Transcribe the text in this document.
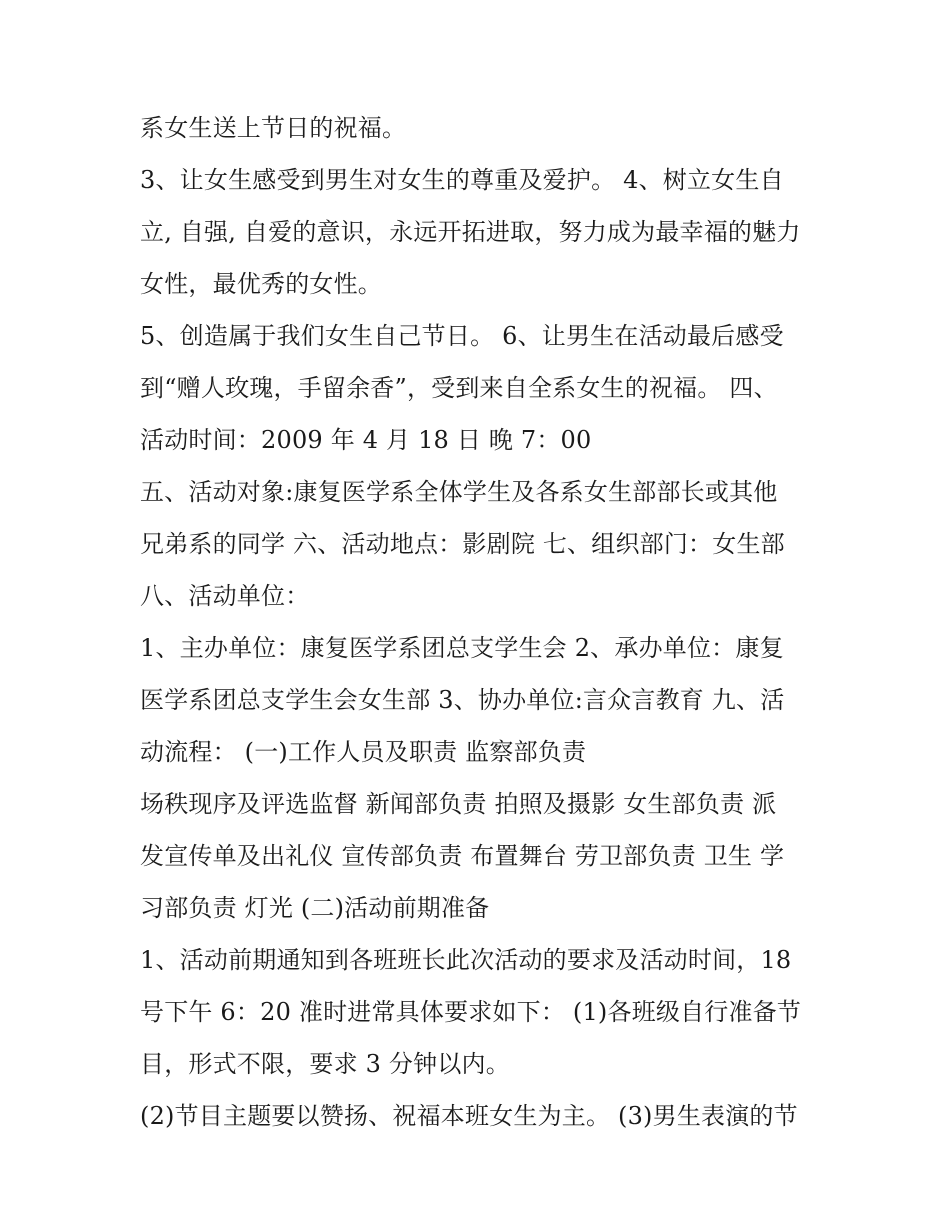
系女生送上节日的祝福。
3、让女生感受到男生对女生的尊重及爱护。 4、树立女生自
立, 自强, 自爱的意识，永远开拓进取，努力成为最幸福的魅力
女性，最优秀的女性。
5、创造属于我们女生自己节日。 6、让男生在活动最后感受
到“赠人玫瑰，手留余香”，受到来自全系女生的祝福。 四、
活动时间：2009 年 4 月 18 日 晚 7：00
五、活动对象:康复医学系全体学生及各系女生部部长或其他
兄弟系的同学 六、活动地点：影剧院 七、组织部门：女生部
八、活动单位：
1、主办单位：康复医学系团总支学生会 2、承办单位：康复
医学系团总支学生会女生部 3、协办单位:言众言教育 九、活
动流程： (一)工作人员及职责 监察部负责
场秩现序及评选监督 新闻部负责 拍照及摄影 女生部负责 派
发宣传单及出礼仪 宣传部负责 布置舞台 劳卫部负责 卫生 学
习部负责 灯光 (二)活动前期准备
1、活动前期通知到各班班长此次活动的要求及活动时间，18
号下午 6：20 准时进常具体要求如下： (1)各班级自行准备节
目，形式不限，要求 3 分钟以内。
(2)节目主题要以赞扬、祝福本班女生为主。 (3)男生表演的节
